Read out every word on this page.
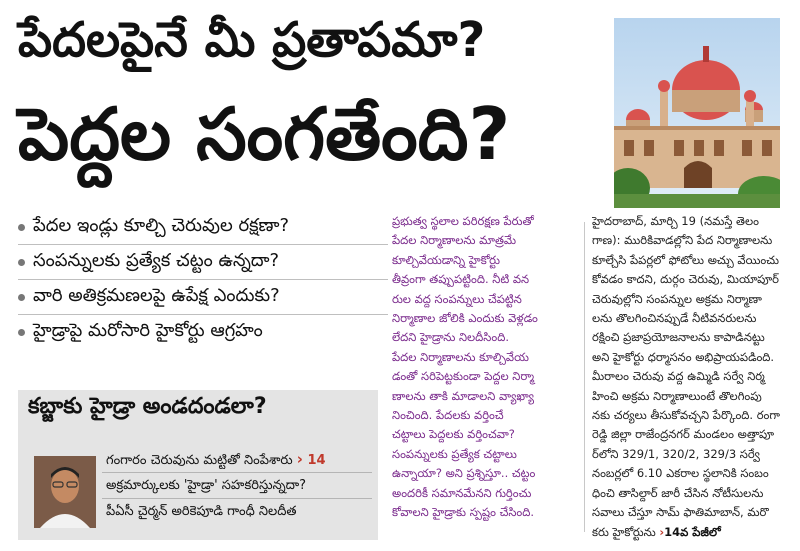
పేదలపైనే మీ ప్రతాపమా?
పెద్దల సంగతేంది?
పేదల ఇండ్లు కూల్చి చెరువుల రక్షణా?
సంపన్నులకు ప్రత్యేక చట్టం ఉన్నదా?
వారి అతిక్రమణలపై ఉపేక్ష ఎందుకు?
హైడ్రాపై మరోసారి హైకోర్టు ఆగ్రహం
కబ్జాకు హైడ్రా అండదండలా?
గంగారం చెరువును మట్టితో నింపేశారు › 14
అక్రమార్కులకు 'హైడ్రా' సహకరిస్తున్నదా?
పీఏసీ చైర్మన్ అరికెపూడి గాంధీ నిలదీత
ప్రభుత్వ స్థలాల పరిరక్షణ పేరుతో
పేదల నిర్మాణాలను మాత్రమే
కూల్చివేయడాన్ని హైకోర్టు
తీవ్రంగా తప్పుపట్టింది. నీటి వన
రుల వద్ద సంపన్నులు చేపట్టిన
నిర్మాణాల జోలికి ఎందుకు వెళ్లడం
లేదని హైడ్రాను నిలదీసింది.
పేదల నిర్మాణాలను కూల్చివేయ
డంతో సరిపెట్టకుండా పెద్దల నిర్మా
ణాలను తాకి మాడాలని వ్యాఖ్యా
నించింది. పేదలకు వర్తించే
చట్టాలు పెద్దలకు వర్తించవా?
సంపన్నులకు ప్రత్యేక చట్టాలు
ఉన్నాయా? అని ప్రశ్నిస్తూ.. చట్టం
అందరికీ సమానమేనని గుర్తించు
కోవాలని హైడ్రాకు స్పష్టం చేసింది.
హైదరాబాద్, మార్చి 19 (నమస్తే తెలం
గాణ): మురికివాడల్లోని పేద నిర్మాణాలను
కూల్చేసి పేపర్లలో ఫోటోలు అచ్చు వేయించు
కోవడం కాదని, దుర్గం చెరువు, మియాపూర్
చెరువుల్లోని సంపన్నుల అక్రమ నిర్మాణా
లను తొలగించినప్పుడే నీటివనరులను
రక్షించి ప్రజాప్రయోజనాలను కాపాడినట్టు
అని హైకోర్టు ధర్మాసనం అభిప్రాయపడింది.
మీరాలం చెరువు వద్ద ఉమ్మిడి సర్వే నిర్మ
హించి అక్రమ నిర్మాణాలుంటే తొలగింపు
నకు చర్యలు తీసుకోవచ్చని పేర్కొంది. రంగా
రెడ్డి జిల్లా రాజేంద్రనగర్ మండలం అత్తాపూ
ర్‌లోని 329/1, 320/2, 329/3 సర్వే
నంబర్లలో 6.10 ఎకరాల స్థలానికి సంబం
ధించి తాసిల్దార్ జారీ చేసిన నోటీసులను
సవాలు చేస్తూ సామ్ ఫాతిమాబాన్, మరొ
కరు హైకోర్టును ›14వ పేజీలో
